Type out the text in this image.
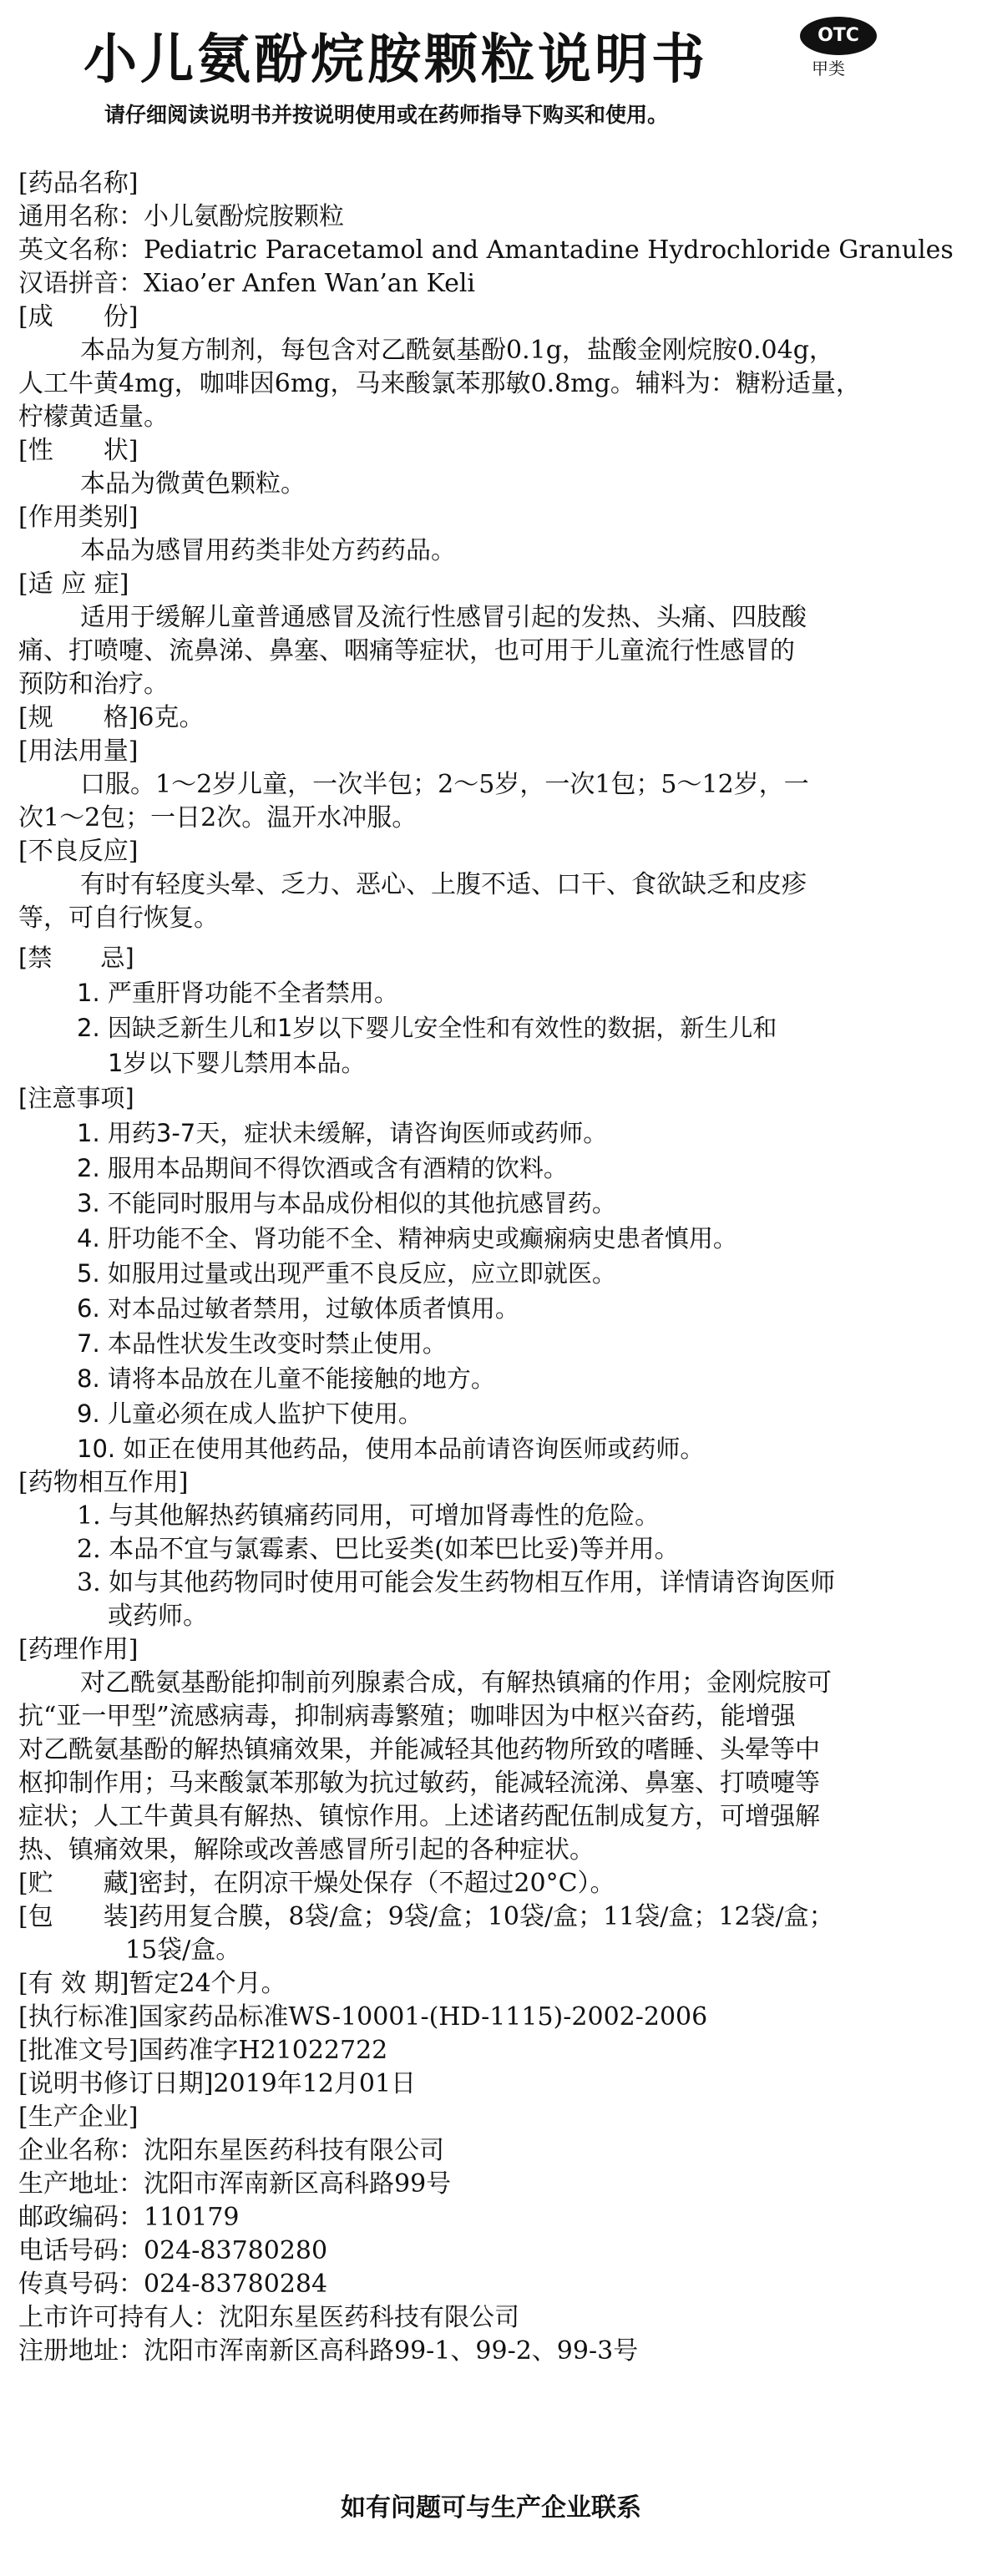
小儿氨酚烷胺颗粒说明书	OTC
甲类
请仔细阅读说明书并按说明使用或在药师指导下购买和使用。
[药品名称]
通用名称：小儿氨酚烷胺颗粒
英文名称：Pediatric Paracetamol and Amantadine Hydrochloride Granules
汉语拼音：Xiao’er Anfen Wan’an Keli
[成　　份]
本品为复方制剂，每包含对乙酰氨基酚0.1g，盐酸金刚烷胺0.04g，
人工牛黄4mg，咖啡因6mg，马来酸氯苯那敏0.8mg。辅料为：糖粉适量，
柠檬黄适量。
[性　　状]
本品为微黄色颗粒。
[作用类别]
本品为感冒用药类非处方药药品。
[适 应 症]
适用于缓解儿童普通感冒及流行性感冒引起的发热、头痛、四肢酸
痛、打喷嚏、流鼻涕、鼻塞、咽痛等症状，也可用于儿童流行性感冒的
预防和治疗。
[规　　格]6克。
[用法用量]
口服。1～2岁儿童，一次半包；2～5岁，一次1包；5～12岁，一
次1～2包；一日2次。温开水冲服。
[不良反应]
有时有轻度头晕、乏力、恶心、上腹不适、口干、食欲缺乏和皮疹
等，可自行恢复。
[禁　　忌]
1. 严重肝肾功能不全者禁用。
2. 因缺乏新生儿和1岁以下婴儿安全性和有效性的数据，新生儿和
1岁以下婴儿禁用本品。
[注意事项]
1. 用药3-7天，症状未缓解，请咨询医师或药师。
2. 服用本品期间不得饮酒或含有酒精的饮料。
3. 不能同时服用与本品成份相似的其他抗感冒药。
4. 肝功能不全、肾功能不全、精神病史或癫痫病史患者慎用。
5. 如服用过量或出现严重不良反应，应立即就医。
6. 对本品过敏者禁用，过敏体质者慎用。
7. 本品性状发生改变时禁止使用。
8. 请将本品放在儿童不能接触的地方。
9. 儿童必须在成人监护下使用。
10. 如正在使用其他药品，使用本品前请咨询医师或药师。
[药物相互作用]
1. 与其他解热药镇痛药同用，可增加肾毒性的危险。
2. 本品不宜与氯霉素、巴比妥类(如苯巴比妥)等并用。
3. 如与其他药物同时使用可能会发生药物相互作用，详情请咨询医师
或药师。
[药理作用]
对乙酰氨基酚能抑制前列腺素合成，有解热镇痛的作用；金刚烷胺可
抗“亚一甲型”流感病毒，抑制病毒繁殖；咖啡因为中枢兴奋药，能增强
对乙酰氨基酚的解热镇痛效果，并能减轻其他药物所致的嗜睡、头晕等中
枢抑制作用；马来酸氯苯那敏为抗过敏药，能减轻流涕、鼻塞、打喷嚏等
症状；人工牛黄具有解热、镇惊作用。上述诸药配伍制成复方，可增强解
热、镇痛效果，解除或改善感冒所引起的各种症状。
[贮　　藏]密封，在阴凉干燥处保存（不超过20°C）。
[包　　装]药用复合膜，8袋/盒；9袋/盒；10袋/盒；11袋/盒；12袋/盒；
15袋/盒。
[有 效 期]暂定24个月。
[执行标准]国家药品标准WS-10001-(HD-1115)-2002-2006
[批准文号]国药准字H21022722
[说明书修订日期]2019年12月01日
[生产企业]
企业名称：沈阳东星医药科技有限公司
生产地址：沈阳市浑南新区高科路99号
邮政编码：110179
电话号码：024-83780280
传真号码：024-83780284
上市许可持有人：沈阳东星医药科技有限公司
注册地址：沈阳市浑南新区高科路99-1、99-2、99-3号
如有问题可与生产企业联系
